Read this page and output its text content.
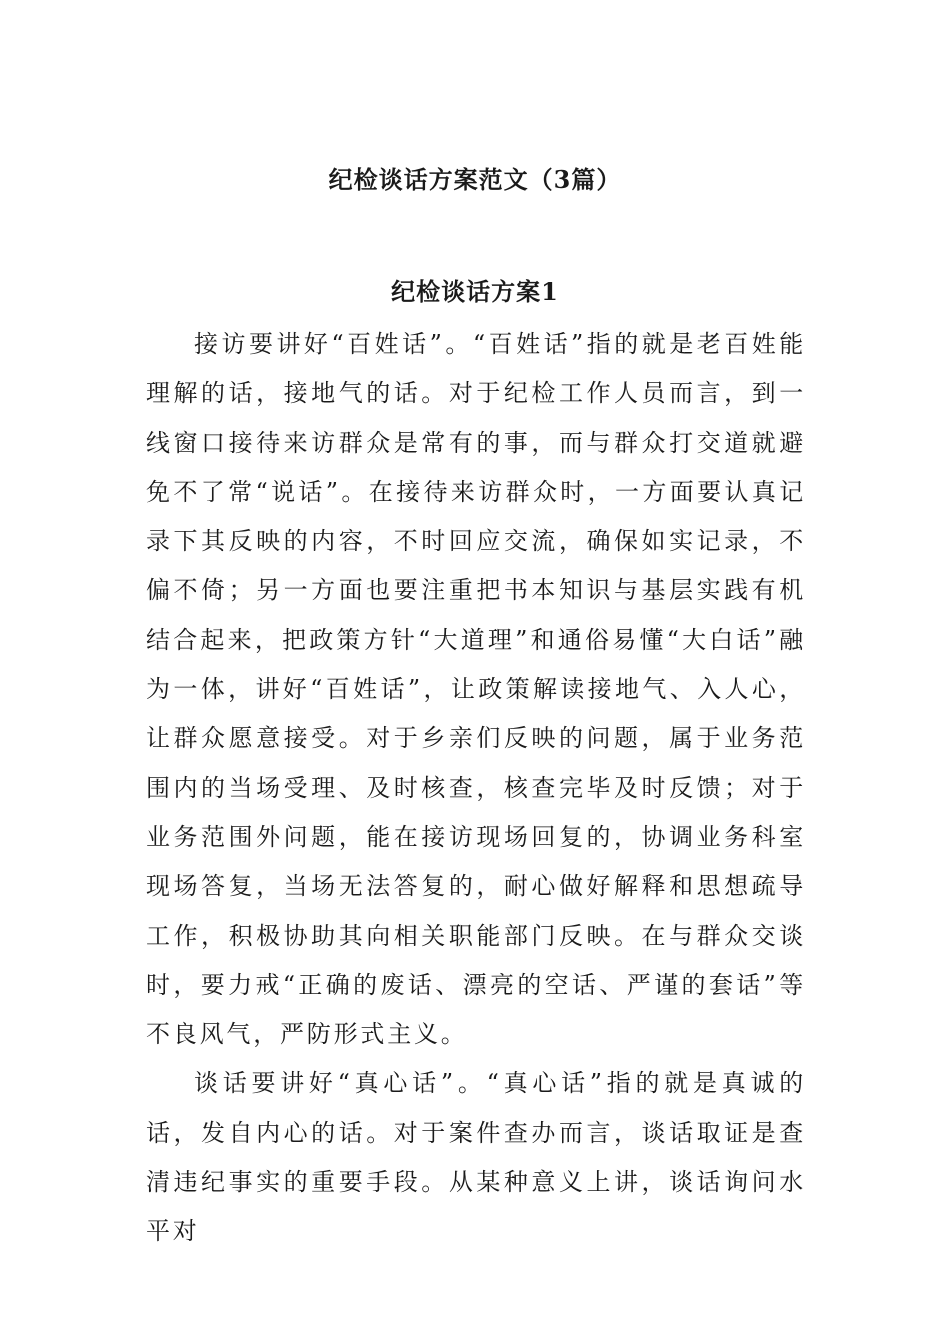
纪检谈话方案范文（3篇）
纪检谈话方案1

接访要讲好“百姓话”。“百姓话”指的就是老百姓能理解的话，接地气的话。对于纪检工作人员而言，到一线窗口接待来访群众是常有的事，而与群众打交道就避免不了常“说话”。在接待来访群众时，一方面要认真记录下其反映的内容，不时回应交流，确保如实记录，不偏不倚；另一方面也要注重把书本知识与基层实践有机结合起来，把政策方针“大道理”和通俗易懂“大白话”融为一体，讲好“百姓话”，让政策解读接地气、入人心，让群众愿意接受。对于乡亲们反映的问题，属于业务范围内的当场受理、及时核查，核查完毕及时反馈；对于业务范围外问题，能在接访现场回复的，协调业务科室现场答复，当场无法答复的，耐心做好解释和思想疏导工作，积极协助其向相关职能部门反映。在与群众交谈时，要力戒“正确的废话、漂亮的空话、严谨的套话”等不良风气，严防形式主义。

谈话要讲好“真心话”。“真心话”指的就是真诚的话，发自内心的话。对于案件查办而言，谈话取证是查清违纪事实的重要手段。从某种意义上讲，谈话询问水平对
